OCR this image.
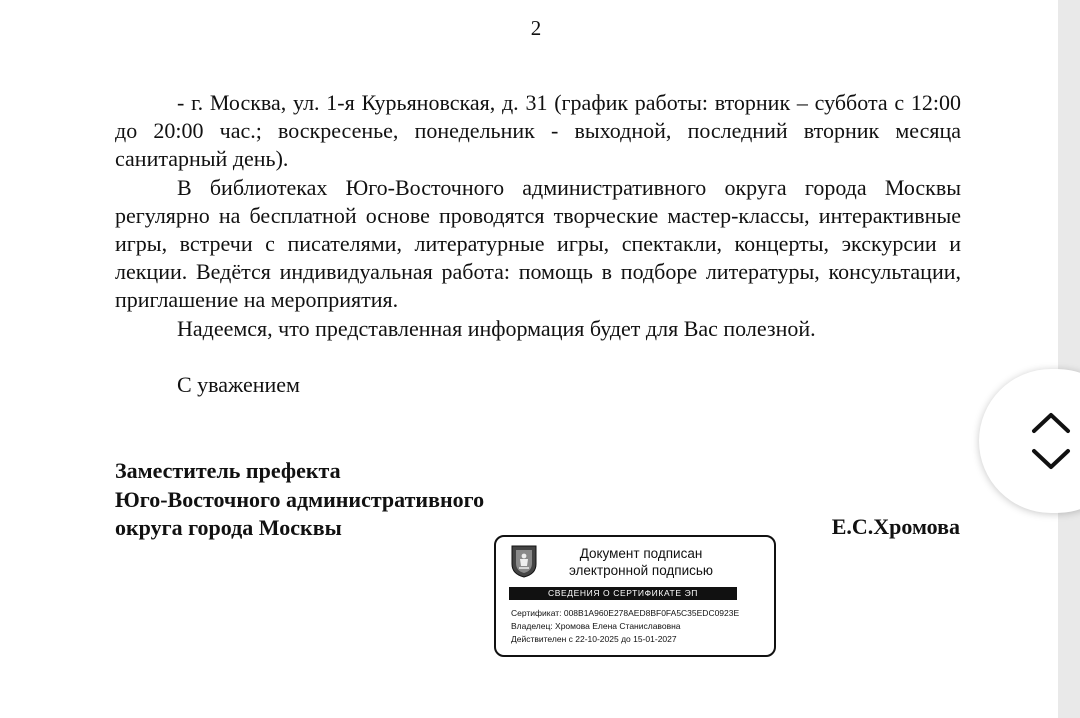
2

- г. Москва, ул. 1-я Курьяновская, д. 31 (график работы: вторник – суббота с 12:00 до 20:00 час.; воскресенье, понедельник - выходной, последний вторник месяца санитарный день).

В библиотеках Юго-Восточного административного округа города Москвы регулярно на бесплатной основе проводятся творческие мастер-классы, интерактивные игры, встречи с писателями, литературные игры, спектакли, концерты, экскурсии и лекции. Ведётся индивидуальная работа: помощь в подборе литературы, консультации, приглашение на мероприятия.

Надеемся, что представленная информация будет для Вас полезной.

С уважением
Заместитель префекта
Юго-Восточного административного
округа города Москвы	Е.С.Хромова
Документ подписан
электронной подписью
СВЕДЕНИЯ О СЕРТИФИКАТЕ ЭП
Сертификат: 008B1A960E278AED8BF0FA5C35EDC0923E
Владелец: Хромова Елена Станиславовна
Действителен с 22-10-2025 до 15-01-2027
